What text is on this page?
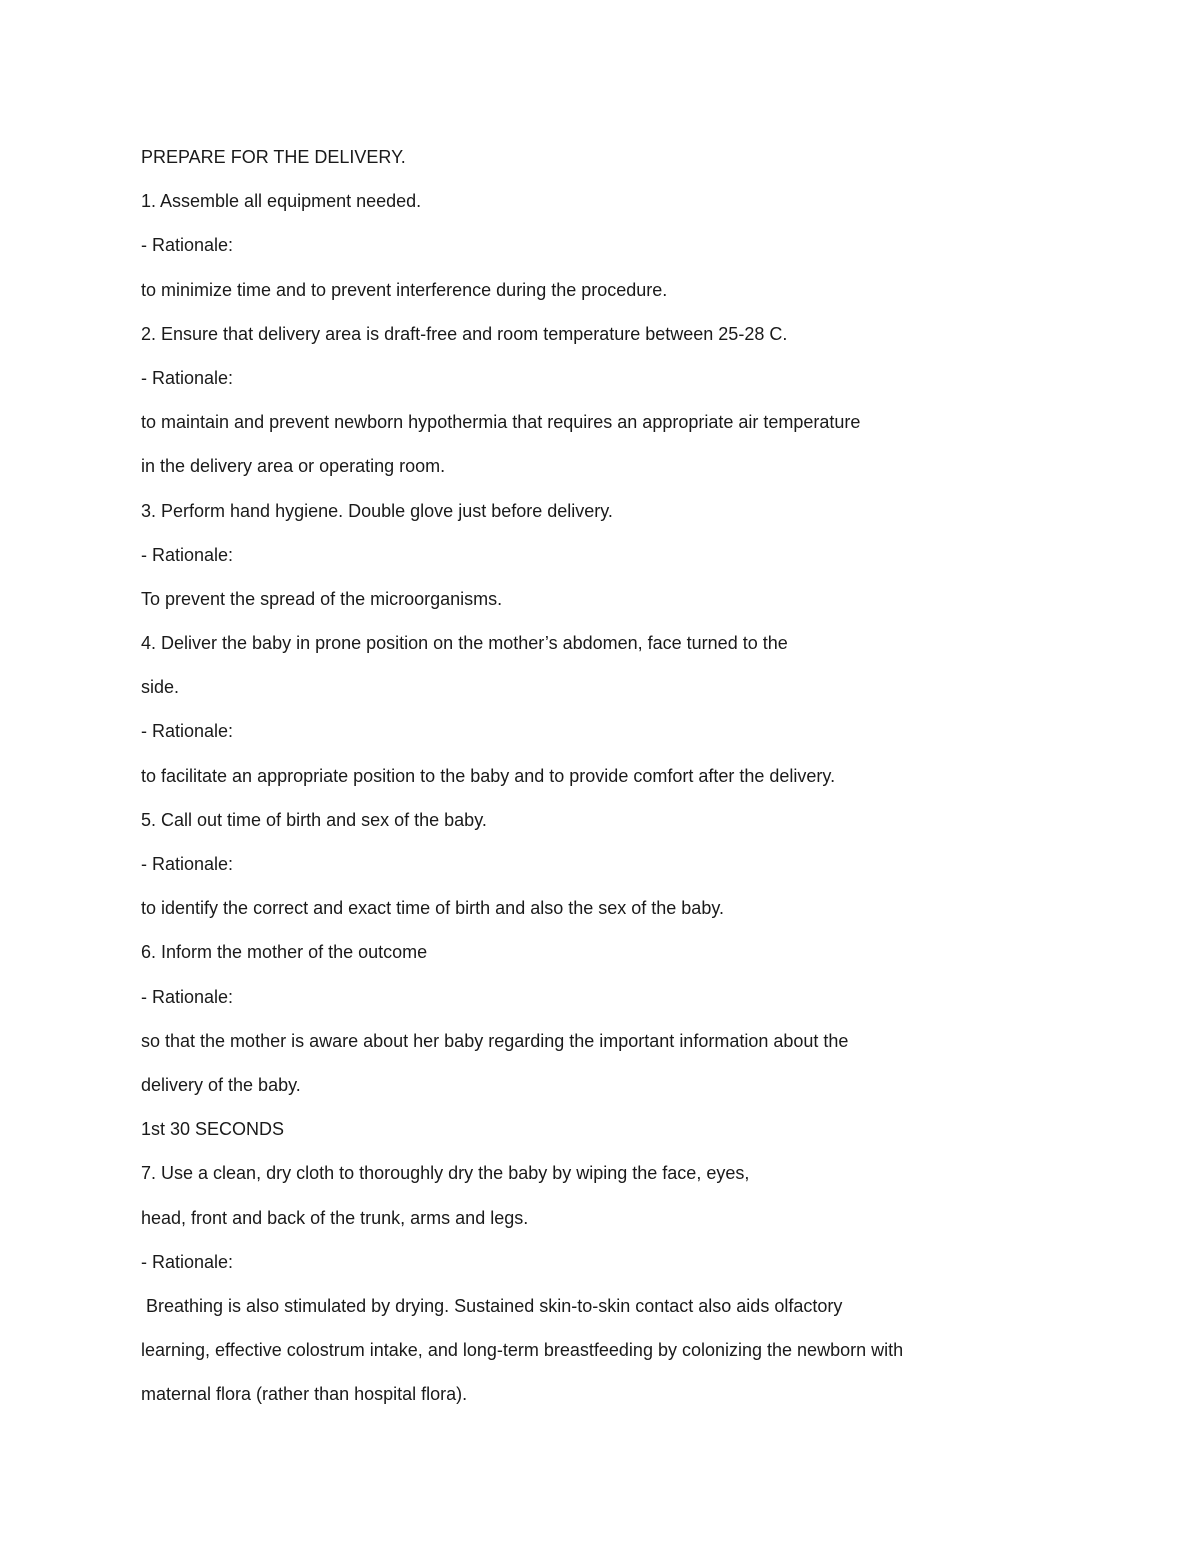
PREPARE FOR THE DELIVERY.
1. Assemble all equipment needed.
- Rationale:
to minimize time and to prevent interference during the procedure.
2. Ensure that delivery area is draft-free and room temperature between 25-28 C.
- Rationale:
to maintain and prevent newborn hypothermia that requires an appropriate air temperature
in the delivery area or operating room.
3. Perform hand hygiene. Double glove just before delivery.
- Rationale:
To prevent the spread of the microorganisms.
4. Deliver the baby in prone position on the mother’s abdomen, face turned to the
side.
- Rationale:
to facilitate an appropriate position to the baby and to provide comfort after the delivery.
5. Call out time of birth and sex of the baby.
- Rationale:
to identify the correct and exact time of birth and also the sex of the baby.
6. Inform the mother of the outcome
- Rationale:
so that the mother is aware about her baby regarding the important information about the
delivery of the baby.
1st 30 SECONDS
7. Use a clean, dry cloth to thoroughly dry the baby by wiping the face, eyes,
head, front and back of the trunk, arms and legs.
- Rationale:
Breathing is also stimulated by drying. Sustained skin-to-skin contact also aids olfactory
learning, effective colostrum intake, and long-term breastfeeding by colonizing the newborn with
maternal flora (rather than hospital flora).
